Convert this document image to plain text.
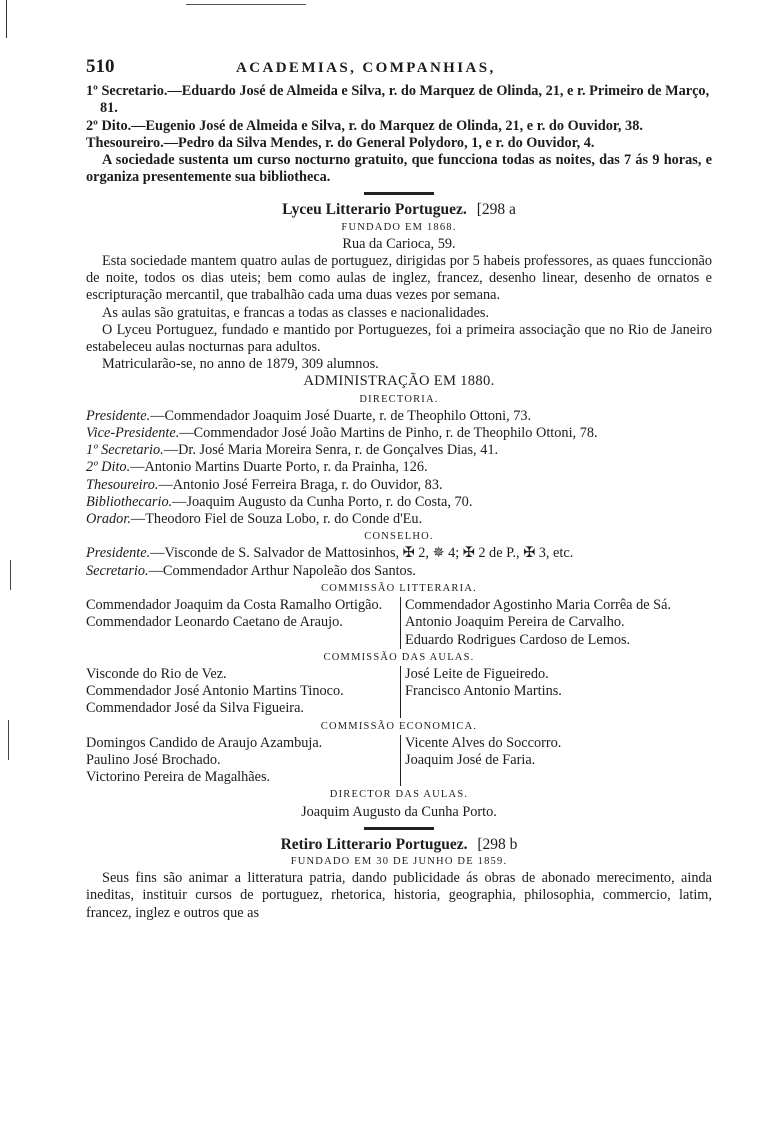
510	ACADEMIAS, COMPANHIAS,

1º Secretario.—Eduardo José de Almeida e Silva, r. do Marquez de Olinda, 21, e r. Primeiro de Março, 81.

2º Dito.—Eugenio José de Almeida e Silva, r. do Marquez de Olinda, 21, e r. do Ouvidor, 38.

Thesoureiro.—Pedro da Silva Mendes, r. do General Polydoro, 1, e r. do Ouvidor, 4.

A sociedade sustenta um curso nocturno gratuito, que funcciona todas as noites, das 7 ás 9 horas, e organiza presentemente sua bibliotheca.

Lyceu Litterario Portuguez. [298 a
FUNDADO EM 1868.
Rua da Carioca, 59.

Esta sociedade mantem quatro aulas de portuguez, dirigidas por 5 habeis professores, as quaes funccionão de noite, todos os dias uteis; bem como aulas de inglez, francez, desenho linear, desenho de ornatos e escripturação mercantil, que trabalhão cada uma duas vezes por semana.

As aulas são gratuitas, e francas a todas as classes e nacionalidades.

O Lyceu Portuguez, fundado e mantido por Portuguezes, foi a primeira associação que no Rio de Janeiro estabeleceu aulas nocturnas para adultos.

Matricularão-se, no anno de 1879, 309 alumnos.

ADMINISTRAÇÃO EM 1880.
DIRECTORIA.

Presidente.—Commendador Joaquim José Duarte, r. de Theophilo Ottoni, 73.

Vice-Presidente.—Commendador José João Martins de Pinho, r. de Theophilo Ottoni, 78.

1º Secretario.—Dr. José Maria Moreira Senra, r. de Gonçalves Dias, 41.

2º Dito.—Antonio Martins Duarte Porto, r. da Prainha, 126.

Thesoureiro.—Antonio José Ferreira Braga, r. do Ouvidor, 83.

Bibliothecario.—Joaquim Augusto da Cunha Porto, r. do Costa, 70.

Orador.—Theodoro Fiel de Souza Lobo, r. do Conde d'Eu.

CONSELHO.

Presidente.—Visconde de S. Salvador de Mattosinhos, ✠ 2, ✵ 4; ✠ 2 de P., ✠ 3, etc.

Secretario.—Commendador Arthur Napoleão dos Santos.

COMMISSÃO LITTERARIA.

Commendador Joaquim da Costa Ramalho Ortigão.

Commendador Leonardo Caetano de Araujo.

Commendador Agostinho Maria Corrêa de Sá.

Antonio Joaquim Pereira de Carvalho.

Eduardo Rodrigues Cardoso de Lemos.

COMMISSÃO DAS AULAS.

Visconde do Rio de Vez.

Commendador José Antonio Martins Tinoco.

Commendador José da Silva Figueira.

José Leite de Figueiredo.

Francisco Antonio Martins.

COMMISSÃO ECONOMICA.

Domingos Candido de Araujo Azambuja.

Paulino José Brochado.

Victorino Pereira de Magalhães.

Vicente Alves do Soccorro.

Joaquim José de Faria.

DIRECTOR DAS AULAS.
Joaquim Augusto da Cunha Porto.
Retiro Litterario Portuguez. [298 b
FUNDADO EM 30 DE JUNHO DE 1859.

Seus fins são animar a litteratura patria, dando publicidade ás obras de abonado merecimento, ainda ineditas, instituir cursos de portuguez, rhetorica, historia, geographia, philosophia, commercio, latim, francez, inglez e outros que as
